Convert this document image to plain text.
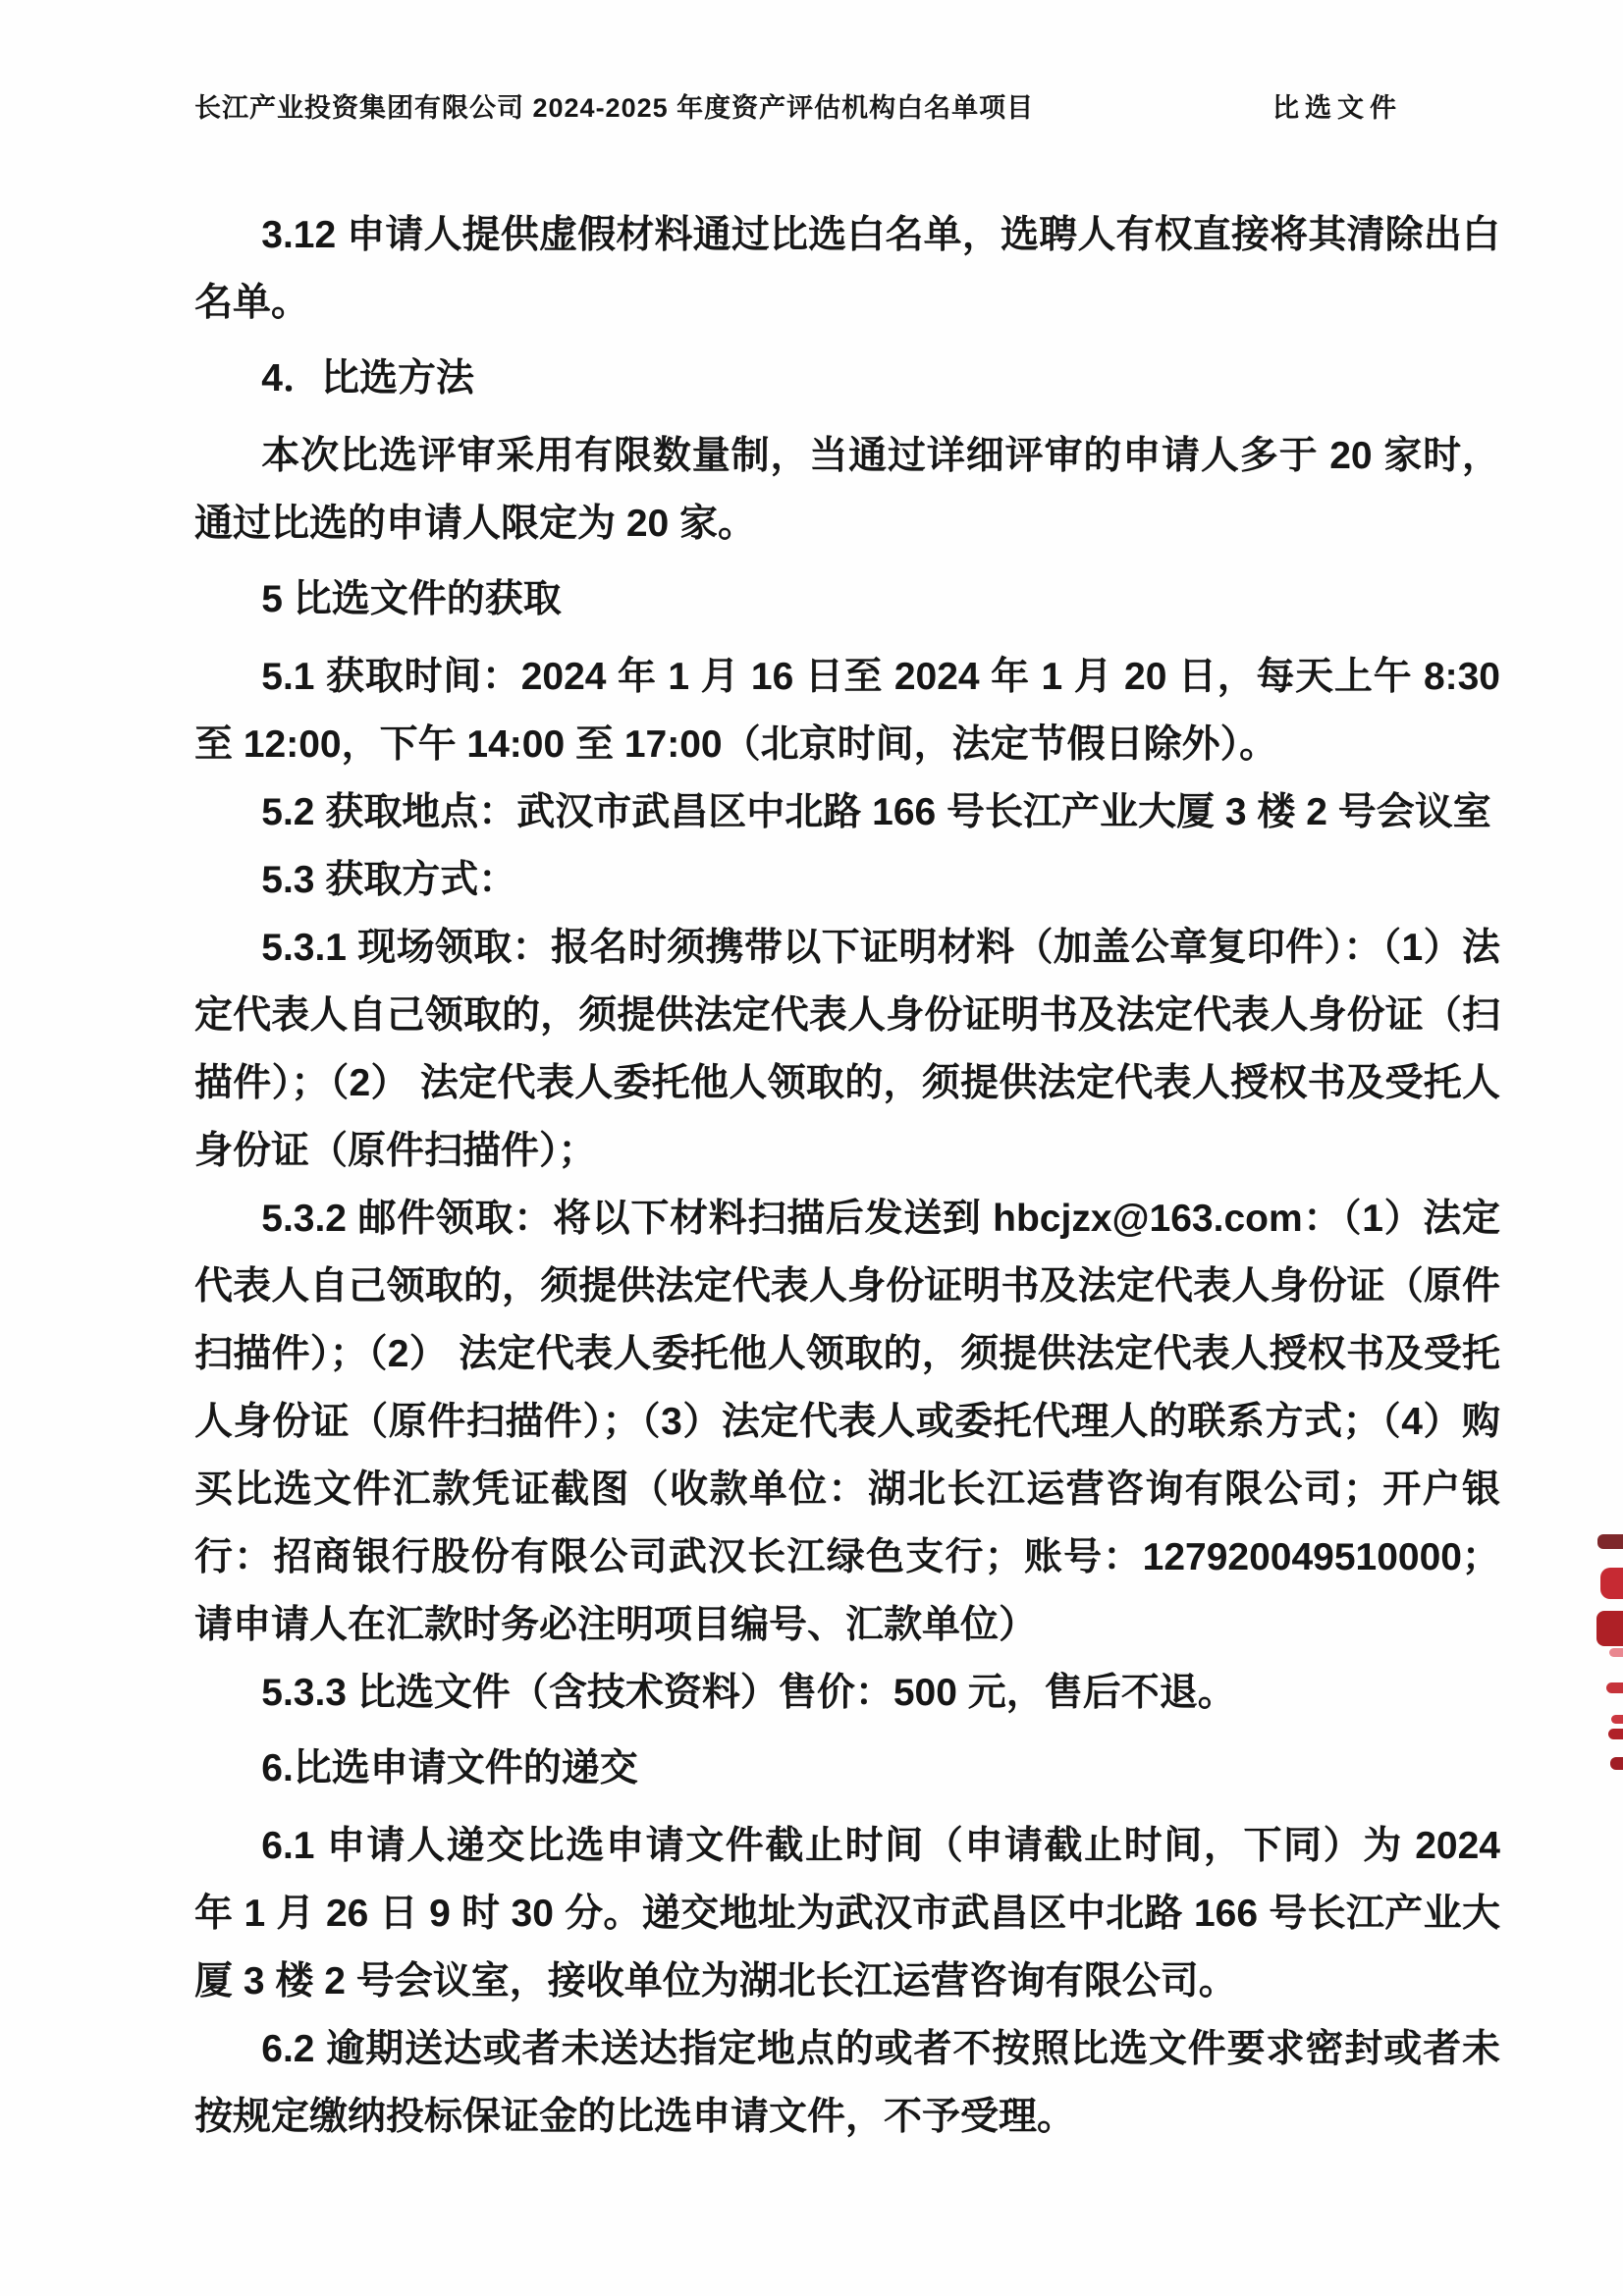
长江产业投资集团有限公司 2024-2025 年度资产评估机构白名单项目	比选文件

3.12 申请人提供虚假材料通过比选白名单，选聘人有权直接将其清除出白名单。

4．比选方法

本次比选评审采用有限数量制，当通过详细评审的申请人多于 20 家时，通过比选的申请人限定为 20 家。

5 比选文件的获取

5.1 获取时间：2024 年 1 月 16 日至 2024 年 1 月 20 日，每天上午 8:30 至 12:00，下午 14:00 至 17:00（北京时间，法定节假日除外）。

5.2 获取地点：武汉市武昌区中北路 166 号长江产业大厦 3 楼 2 号会议室

5.3 获取方式：

5.3.1 现场领取：报名时须携带以下证明材料（加盖公章复印件）：（1）法定代表人自己领取的，须提供法定代表人身份证明书及法定代表人身份证（扫描件）；（2） 法定代表人委托他人领取的，须提供法定代表人授权书及受托人身份证（原件扫描件）；

5.3.2 邮件领取：将以下材料扫描后发送到 hbcjzx@163.com：（1）法定代表人自己领取的，须提供法定代表人身份证明书及法定代表人身份证（原件扫描件）；（2） 法定代表人委托他人领取的，须提供法定代表人授权书及受托人身份证（原件扫描件）；（3）法定代表人或委托代理人的联系方式；（4）购买比选文件汇款凭证截图（收款单位：湖北长江运营咨询有限公司；开户银行：招商银行股份有限公司武汉长江绿色支行；账号：127920049510000；请申请人在汇款时务必注明项目编号、汇款单位）

5.3.3 比选文件（含技术资料）售价：500 元，售后不退。

6.比选申请文件的递交

6.1 申请人递交比选申请文件截止时间（申请截止时间，下同）为 2024 年 1 月 26 日 9 时 30 分。递交地址为武汉市武昌区中北路 166 号长江产业大厦 3 楼 2 号会议室，接收单位为湖北长江运营咨询有限公司。

6.2 逾期送达或者未送达指定地点的或者不按照比选文件要求密封或者未按规定缴纳投标保证金的比选申请文件，不予受理。
